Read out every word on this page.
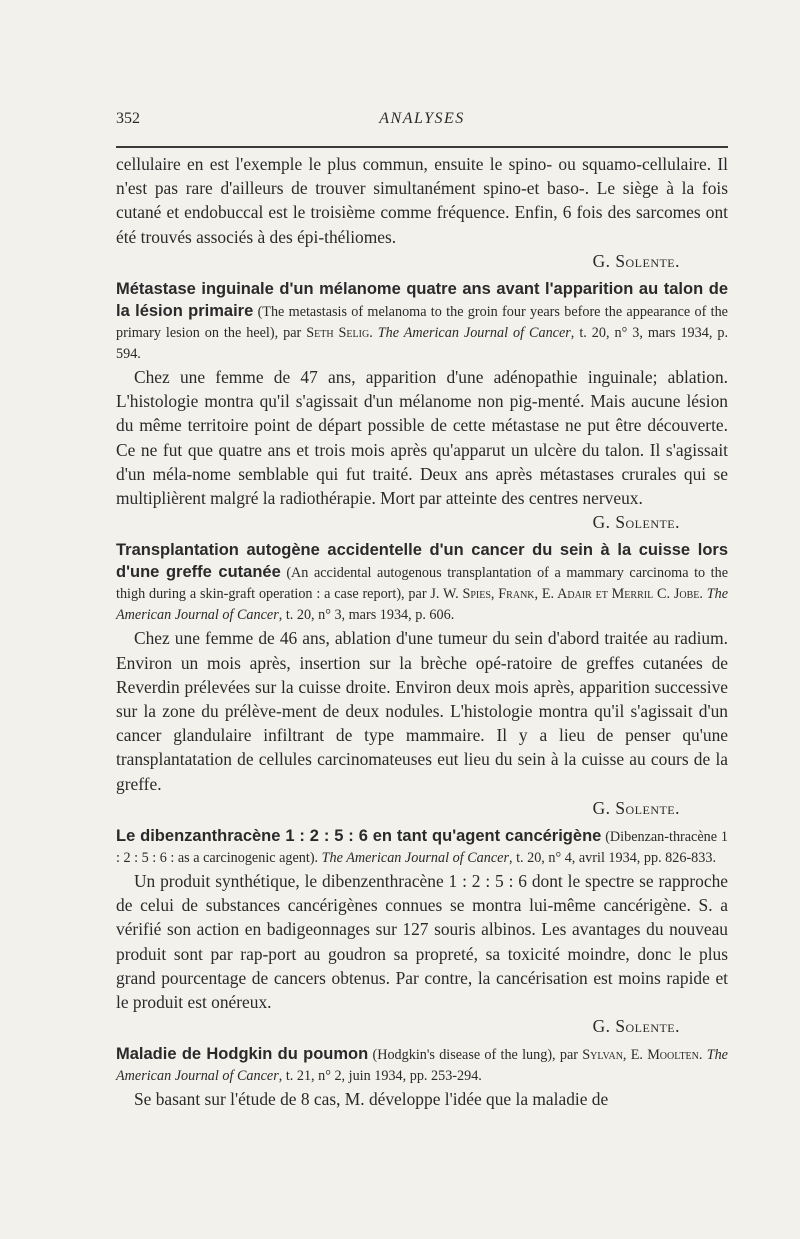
352	ANALYSES

cellulaire en est l'exemple le plus commun, ensuite le spino- ou squamo-cellulaire. Il n'est pas rare d'ailleurs de trouver simultanément spino-et baso-. Le siège à la fois cutané et endobuccal est le troisième comme fréquence. Enfin, 6 fois des sarcomes ont été trouvés associés à des épi-théliomes.

G. Solente.

Métastase inguinale d'un mélanome quatre ans avant l'apparition au talon de la lésion primaire (The metastasis of melanoma to the groin four years before the appearance of the primary lesion on the heel), par Seth Selig. The American Journal of Cancer, t. 20, n° 3, mars 1934, p. 594.

Chez une femme de 47 ans, apparition d'une adénopathie inguinale; ablation. L'histologie montra qu'il s'agissait d'un mélanome non pig-menté. Mais aucune lésion du même territoire point de départ possible de cette métastase ne put être découverte. Ce ne fut que quatre ans et trois mois après qu'apparut un ulcère du talon. Il s'agissait d'un méla-nome semblable qui fut traité. Deux ans après métastases crurales qui se multiplièrent malgré la radiothérapie. Mort par atteinte des centres nerveux.

G. Solente.

Transplantation autogène accidentelle d'un cancer du sein à la cuisse lors d'une greffe cutanée (An accidental autogenous transplantation of a mammary carcinoma to the thigh during a skin-graft operation : a case report), par J. W. Spies, Frank, E. Adair et Merril C. Jobe. The American Journal of Cancer, t. 20, n° 3, mars 1934, p. 606.

Chez une femme de 46 ans, ablation d'une tumeur du sein d'abord traitée au radium. Environ un mois après, insertion sur la brèche opé-ratoire de greffes cutanées de Reverdin prélevées sur la cuisse droite. Environ deux mois après, apparition successive sur la zone du prélève-ment de deux nodules. L'histologie montra qu'il s'agissait d'un cancer glandulaire infiltrant de type mammaire. Il y a lieu de penser qu'une transplantatation de cellules carcinomateuses eut lieu du sein à la cuisse au cours de la greffe.

G. Solente.

Le dibenzanthracène 1 : 2 : 5 : 6 en tant qu'agent cancérigène (Dibenzan-thracène 1 : 2 : 5 : 6 : as a carcinogenic agent). The American Journal of Cancer, t. 20, n° 4, avril 1934, pp. 826-833.

Un produit synthétique, le dibenzenthracène 1 : 2 : 5 : 6 dont le spectre se rapproche de celui de substances cancérigènes connues se montra lui-même cancérigène. S. a vérifié son action en badigeonnages sur 127 souris albinos. Les avantages du nouveau produit sont par rap-port au goudron sa propreté, sa toxicité moindre, donc le plus grand pourcentage de cancers obtenus. Par contre, la cancérisation est moins rapide et le produit est onéreux.

G. Solente.

Maladie de Hodgkin du poumon (Hodgkin's disease of the lung), par Sylvan, E. Moolten. The American Journal of Cancer, t. 21, n° 2, juin 1934, pp. 253-294.

Se basant sur l'étude de 8 cas, M. développe l'idée que la maladie de
